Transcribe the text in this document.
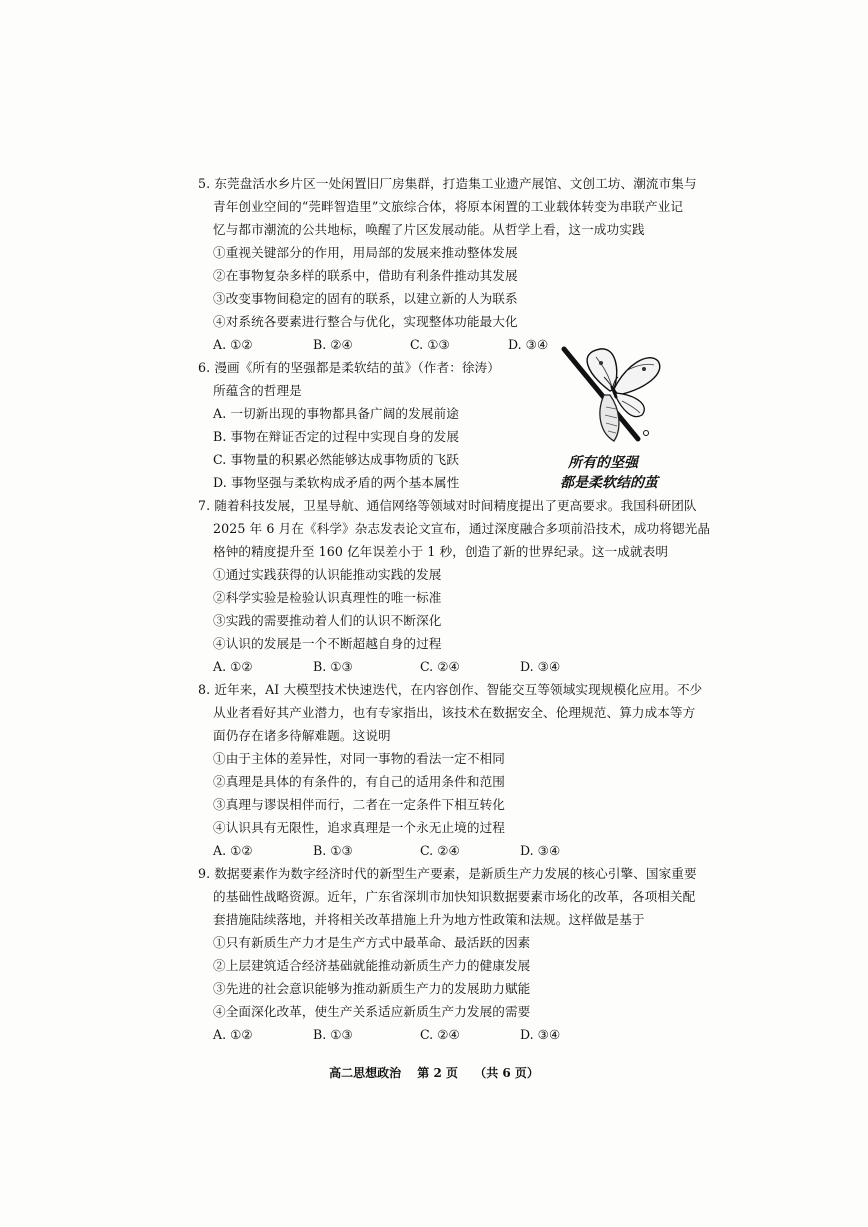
5. 东莞盘活水乡片区一处闲置旧厂房集群，打造集工业遗产展馆、文创工坊、潮流市集与
青年创业空间的“莞畔智造里”文旅综合体，将原本闲置的工业载体转变为串联产业记
忆与都市潮流的公共地标，唤醒了片区发展动能。从哲学上看，这一成功实践
①重视关键部分的作用，用局部的发展来推动整体发展
②在事物复杂多样的联系中，借助有利条件推动其发展
③改变事物间稳定的固有的联系，以建立新的人为联系
④对系统各要素进行整合与优化，实现整体功能最大化
A. ①②	B. ②④	C. ①③	D. ③④
6. 漫画《所有的坚强都是柔软结的茧》（作者：徐涛）
所蕴含的哲理是
A. 一切新出现的事物都具备广阔的发展前途
B. 事物在辩证否定的过程中实现自身的发展
C. 事物量的积累必然能够达成事物质的飞跃
D. 事物坚强与柔软构成矛盾的两个基本属性
所有的坚强
都是柔软结的茧
7. 随着科技发展，卫星导航、通信网络等领域对时间精度提出了更高要求。我国科研团队
2025 年 6 月在《科学》杂志发表论文宣布，通过深度融合多项前沿技术，成功将锶光晶
格钟的精度提升至 160 亿年误差小于 1 秒，创造了新的世界纪录。这一成就表明
①通过实践获得的认识能推动实践的发展
②科学实验是检验认识真理性的唯一标准
③实践的需要推动着人们的认识不断深化
④认识的发展是一个不断超越自身的过程
A. ①②	B. ①③	C. ②④	D. ③④
8. 近年来，AI 大模型技术快速迭代，在内容创作、智能交互等领域实现规模化应用。不少
从业者看好其产业潜力，也有专家指出，该技术在数据安全、伦理规范、算力成本等方
面仍存在诸多待解难题。这说明
①由于主体的差异性，对同一事物的看法一定不相同
②真理是具体的有条件的，有自己的适用条件和范围
③真理与谬误相伴而行，二者在一定条件下相互转化
④认识具有无限性，追求真理是一个永无止境的过程
A. ①②	B. ①③	C. ②④	D. ③④
9. 数据要素作为数字经济时代的新型生产要素，是新质生产力发展的核心引擎、国家重要
的基础性战略资源。近年，广东省深圳市加快知识数据要素市场化的改革，各项相关配
套措施陆续落地，并将相关改革措施上升为地方性政策和法规。这样做是基于
①只有新质生产力才是生产方式中最革命、最活跃的因素
②上层建筑适合经济基础就能推动新质生产力的健康发展
③先进的社会意识能够为推动新质生产力的发展助力赋能
④全面深化改革，使生产关系适应新质生产力发展的需要
A. ①②	B. ①③	C. ②④	D. ③④
高二思想政治 第 2 页 （共 6 页）
